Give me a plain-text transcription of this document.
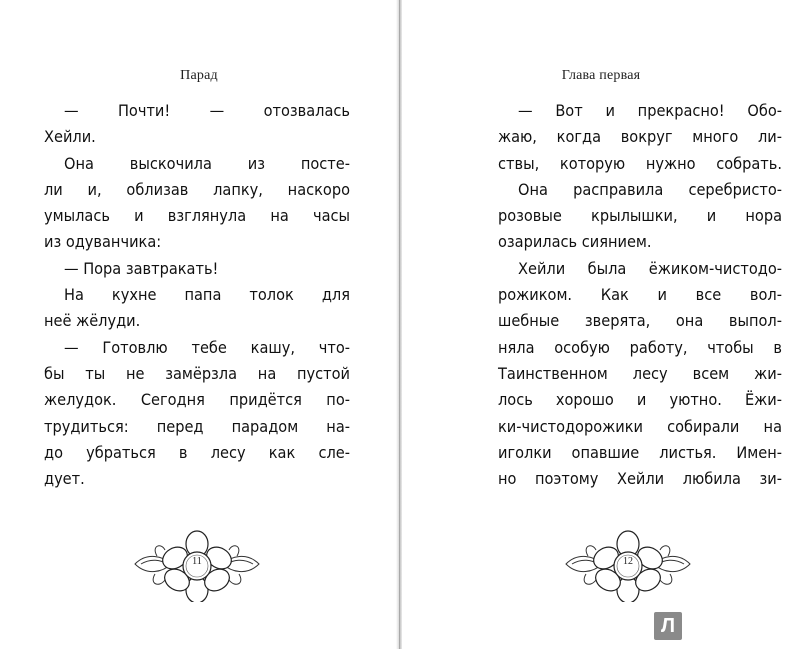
Парад
— Почти! — отозвалась
Хейли.
Она выскочила из посте-
ли и, облизав лапку, наскоро
умылась и взглянула на часы
из одуванчика:
— Пора завтракать!
На кухне папа толок для
неё жёлуди.
— Готовлю тебе кашу, что-
бы ты не замёрзла на пустой
желудок. Сегодня придётся по-
трудиться: перед парадом на-
до убраться в лесу как сле-
дует.
11
Глава первая
— Вот и прекрасно! Обо-
жаю, когда вокруг много ли-
ствы, которую нужно собрать.
Она расправила серебристо-
розовые крылышки, и нора
озарилась сиянием.
Хейли была ёжиком-чистодо-
рожиком. Как и все вол-
шебные зверята, она выпол-
няла особую работу, чтобы в
Таинственном лесу всем жи-
лось хорошо и уютно. Ёжи-
ки-чистодорожики собирали на
иголки опавшие листья. Имен-
но поэтому Хейли любила зи-
12
Л
